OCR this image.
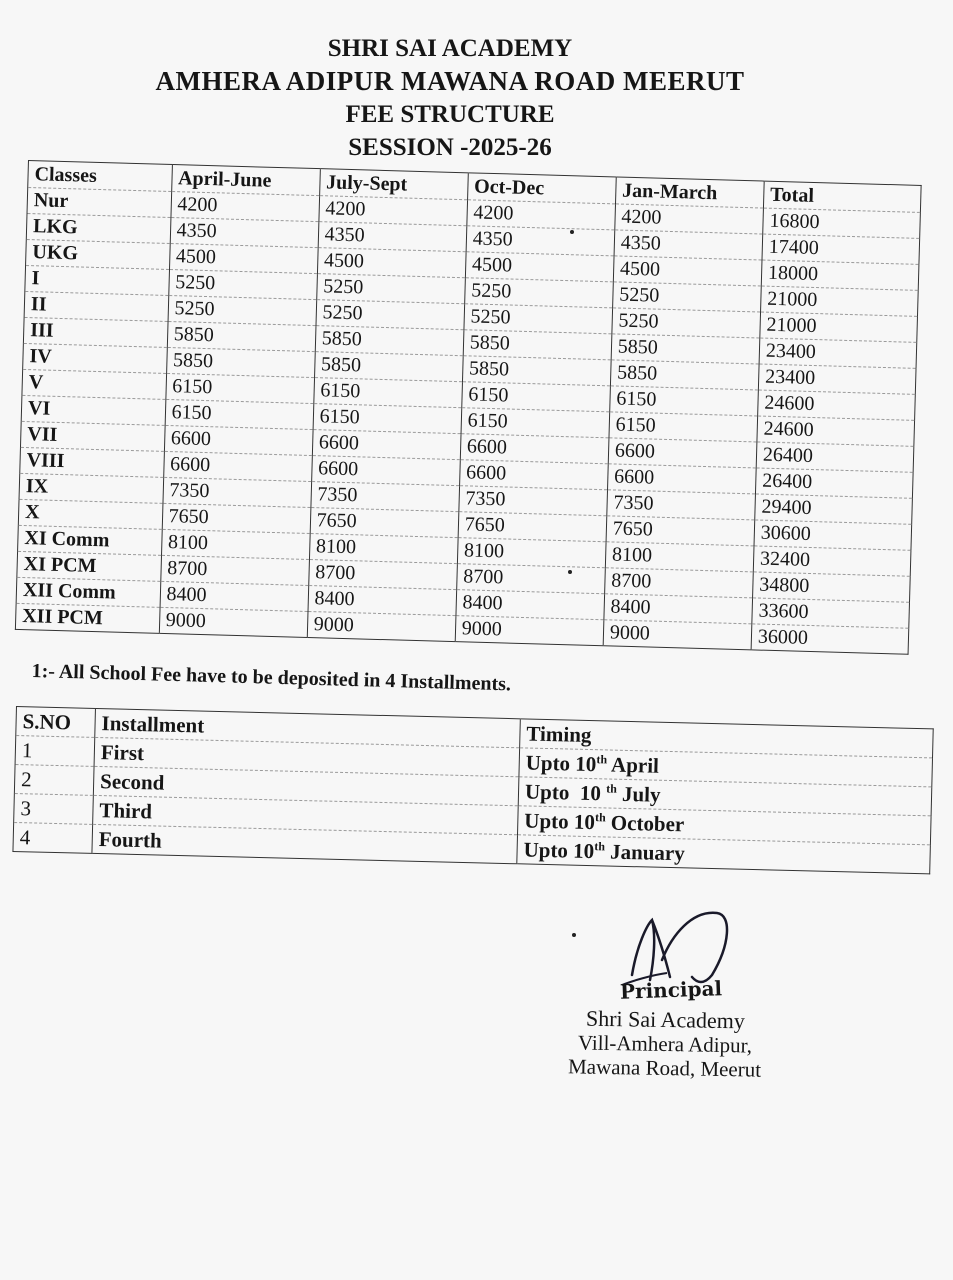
SHRI SAI ACADEMY
AMHERA ADIPUR MAWANA ROAD MEERUT
FEE STRUCTURE
SESSION -2025-26
Classes	April-June	July-Sept	Oct-Dec	Jan-March	Total
Nur	4200	4200	4200	4200	16800
LKG	4350	4350	4350	4350	17400
UKG	4500	4500	4500	4500	18000
I	5250	5250	5250	5250	21000
II	5250	5250	5250	5250	21000
III	5850	5850	5850	5850	23400
IV	5850	5850	5850	5850	23400
V	6150	6150	6150	6150	24600
VI	6150	6150	6150	6150	24600
VII	6600	6600	6600	6600	26400
VIII	6600	6600	6600	6600	26400
IX	7350	7350	7350	7350	29400
X	7650	7650	7650	7650	30600
XI Comm	8100	8100	8100	8100	32400
XI PCM	8700	8700	8700	8700	34800
XII Comm	8400	8400	8400	8400	33600
XII PCM	9000	9000	9000	9000	36000
1:- All School Fee have to be deposited in 4 Installments.
S.NO	Installment	Timing
1	First	Upto 10th April
2	Second	Upto  10 $^{th}$ July
3	Third	Upto 10th October
4	Fourth	Upto 10th January
Principal
Shri Sai Academy
Vill-Amhera Adipur,
Mawana Road, Meerut
